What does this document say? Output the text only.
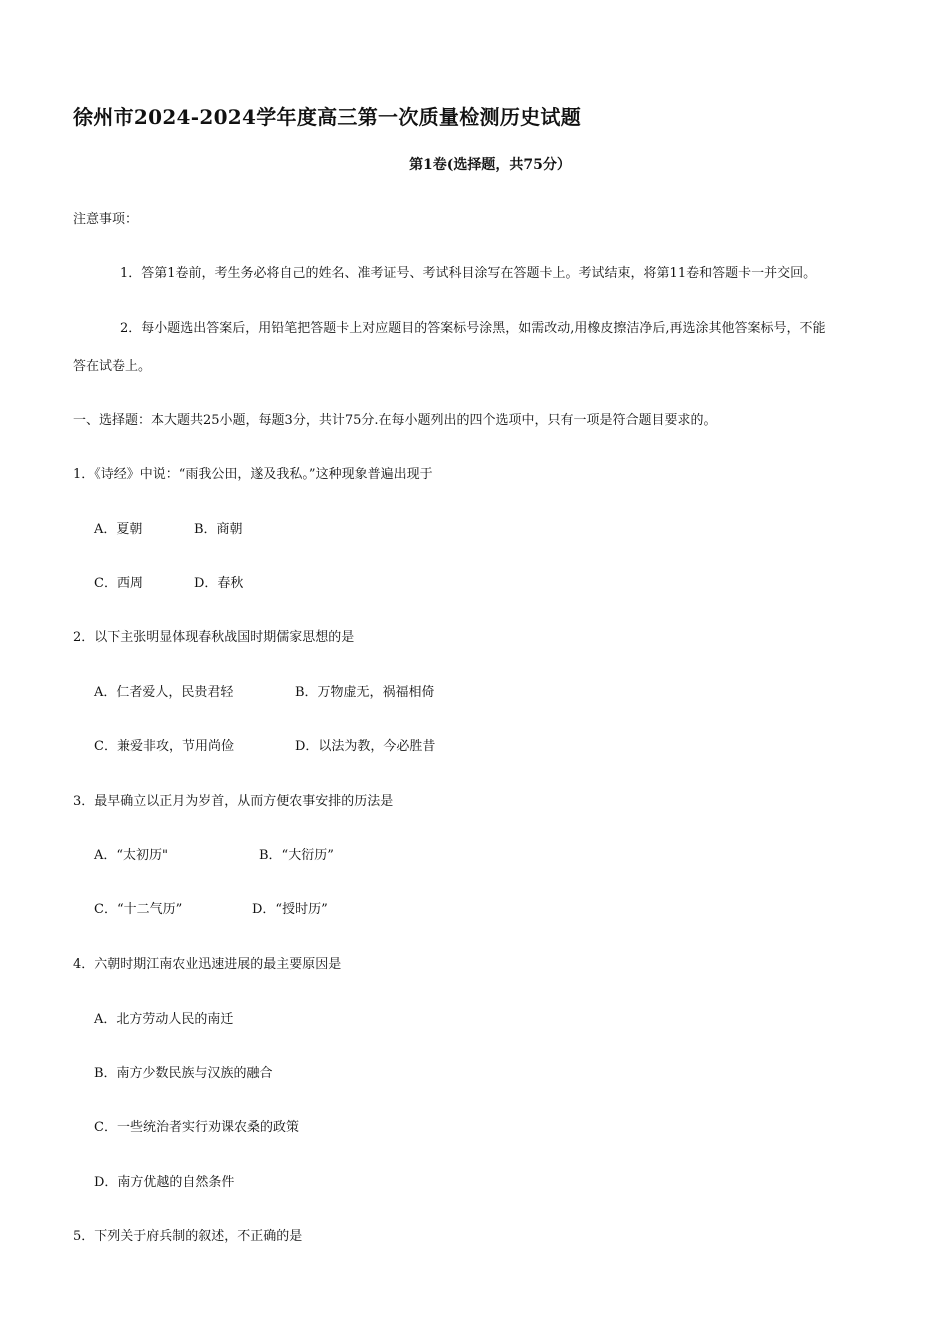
徐州市2024-2024学年度高三第一次质量检测历史试题
第1卷(选择题，共75分）
注意事项：
1．答第1卷前，考生务必将自己的姓名、准考证号、考试科目涂写在答题卡上。考试结束，将第11卷和答题卡一并交回。
2．每小题选出答案后，用铅笔把答题卡上对应题目的答案标号涂黑，如需改动,用橡皮擦洁净后,再选涂其他答案标号，不能
答在试卷上。
一、选择题：本大题共25小题，每题3分，共计75分.在每小题列出的四个选项中，只有一项是符合题目要求的。
1．《诗经》中说：“雨我公田，遂及我私。”这种现象普遍出现于
A．夏朝	B．商朝
C．西周	D．春秋
2．以下主张明显体现春秋战国时期儒家思想的是
A．仁者爱人，民贵君轻	B．万物虚无，祸福相倚
C．兼爱非攻，节用尚俭	D．以法为教，今必胜昔
3．最早确立以正月为岁首，从而方便农事安排的历法是
A．“太初历"	B．“大衍历”
C．“十二气历”	D．“授时历”
4．六朝时期江南农业迅速进展的最主要原因是
A．北方劳动人民的南迁
B．南方少数民族与汉族的融合
C．一些统治者实行劝课农桑的政策
D．南方优越的自然条件
5．下列关于府兵制的叙述，不正确的是
